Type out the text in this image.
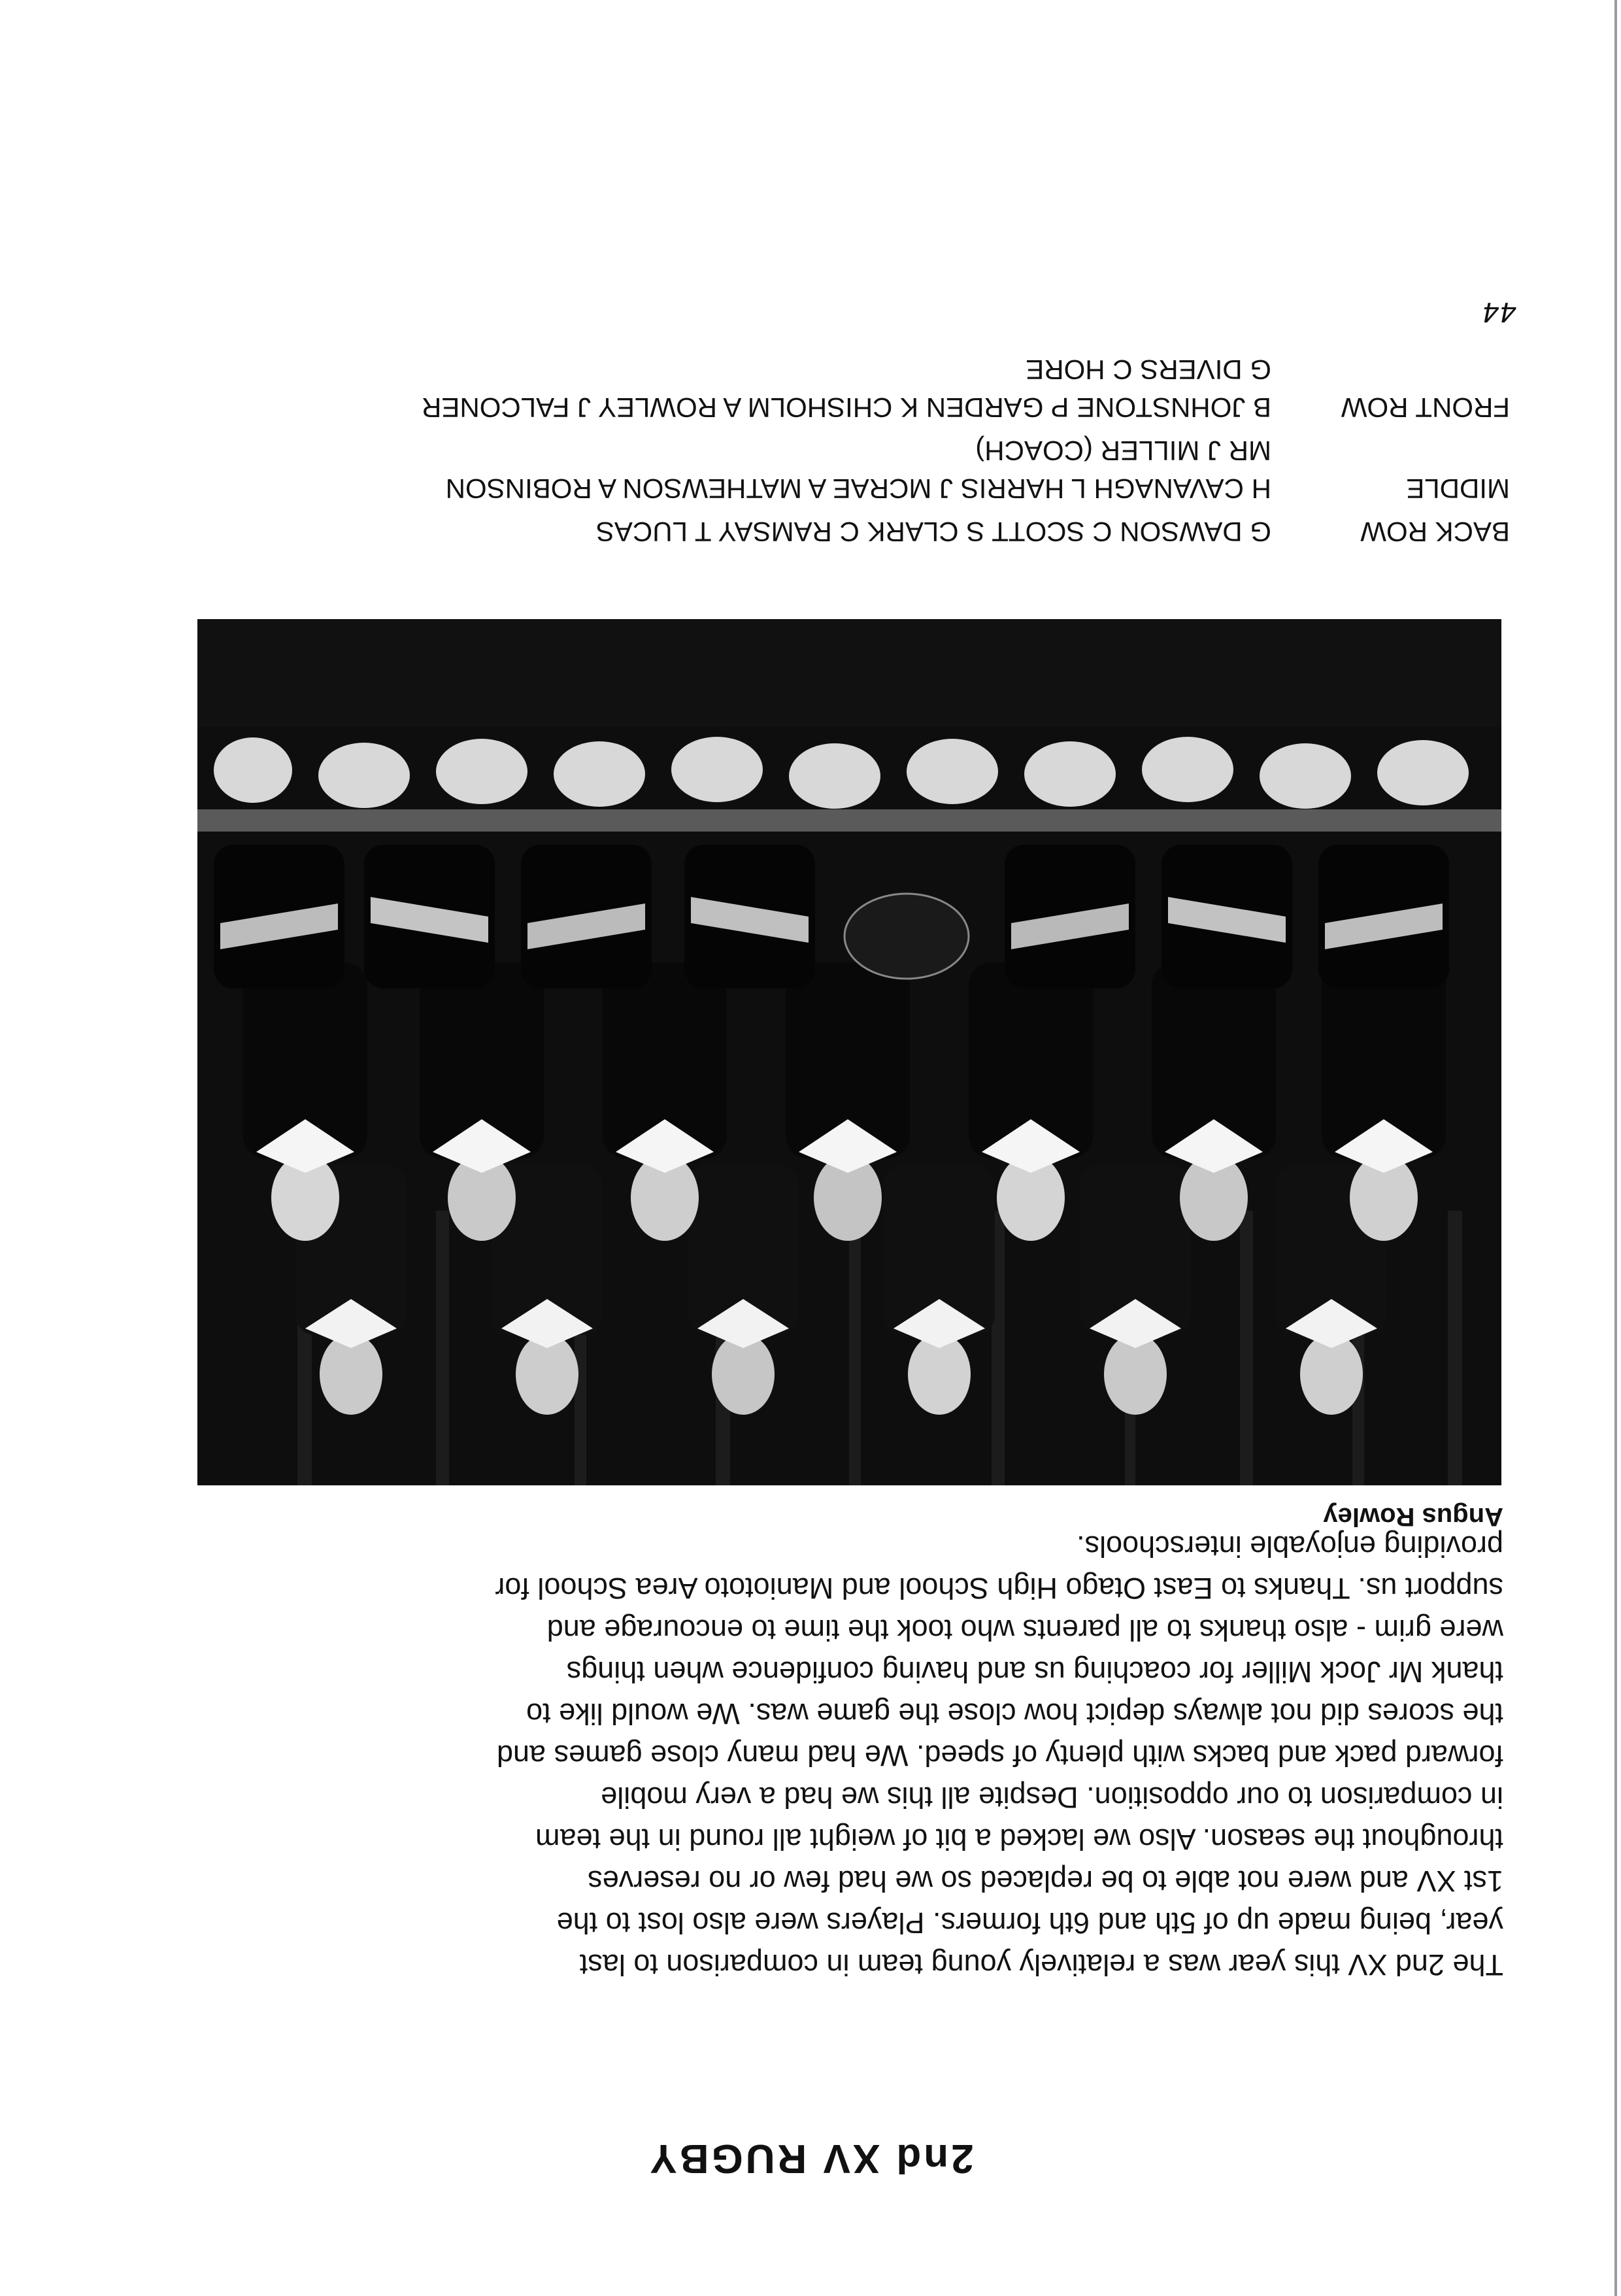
2nd XV RUGBY

The 2nd XV this year was a relatively young team in comparison to last
year, being made up of 5th and 6th formers. Players were also lost to the
1st XV and were not able to be replaced so we had few or no reserves
throughout the season. Also we lacked a bit of weight all round in the team
in comparison to our opposition. Despite all this we had a very mobile
forward pack and backs with plenty of speed. We had many close games and
the scores did not always depict how close the game was. We would like to
thank Mr Jock Miller for coaching us and having confidence when things
were grim - also thanks to all parents who took the time to encourage and
support us. Thanks to East Otago High School and Maniototo Area School for
providing enjoyable interschools.

Angus Rowley
BACK ROW
G DAWSON C SCOTT S CLARK C RAMSAY T LUCAS
MIDDLE
H CAVANAGH L HARRIS J MCRAE A MATHEWSON A ROBINSON
MR J MILLER (COACH)
FRONT ROW
B JOHNSTONE P GARDEN K CHISHOLM A ROWLEY J FALCONER
G DIVERS C HORE
44
